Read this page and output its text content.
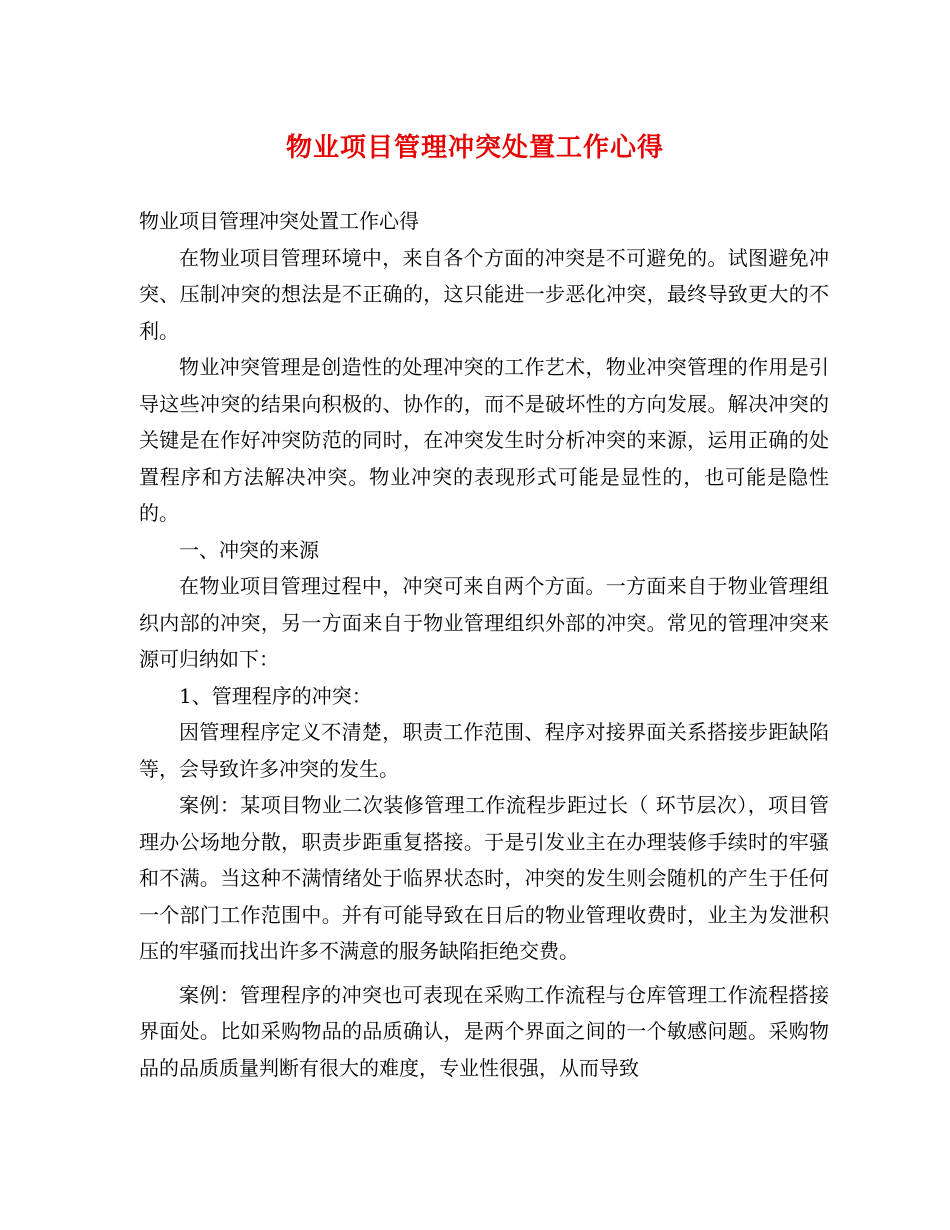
物业项目管理冲突处置工作心得

物业项目管理冲突处置工作心得

在物业项目管理环境中，来自各个方面的冲突是不可避免的。试图避免冲突、压制冲突的想法是不正确的，这只能进一步恶化冲突，最终导致更大的不利。

物业冲突管理是创造性的处理冲突的工作艺术，物业冲突管理的作用是引导这些冲突的结果向积极的、协作的，而不是破坏性的方向发展。解决冲突的关键是在作好冲突防范的同时，在冲突发生时分析冲突的来源，运用正确的处置程序和方法解决冲突。物业冲突的表现形式可能是显性的，也可能是隐性的。

一、冲突的来源

在物业项目管理过程中，冲突可来自两个方面。一方面来自于物业管理组织内部的冲突，另一方面来自于物业管理组织外部的冲突。常见的管理冲突来源可归纳如下：

1、管理程序的冲突：

因管理程序定义不清楚，职责工作范围、程序对接界面关系搭接步距缺陷等，会导致许多冲突的发生。

案例：某项目物业二次装修管理工作流程步距过长（ 环节层次），项目管理办公场地分散，职责步距重复搭接。于是引发业主在办理装修手续时的牢骚和不满。当这种不满情绪处于临界状态时，冲突的发生则会随机的产生于任何一个部门工作范围中。并有可能导致在日后的物业管理收费时，业主为发泄积压的牢骚而找出许多不满意的服务缺陷拒绝交费。

案例：管理程序的冲突也可表现在采购工作流程与仓库管理工作流程搭接界面处。比如采购物品的品质确认，是两个界面之间的一个敏感问题。采购物品的品质质量判断有很大的难度，专业性很强，从而导致
